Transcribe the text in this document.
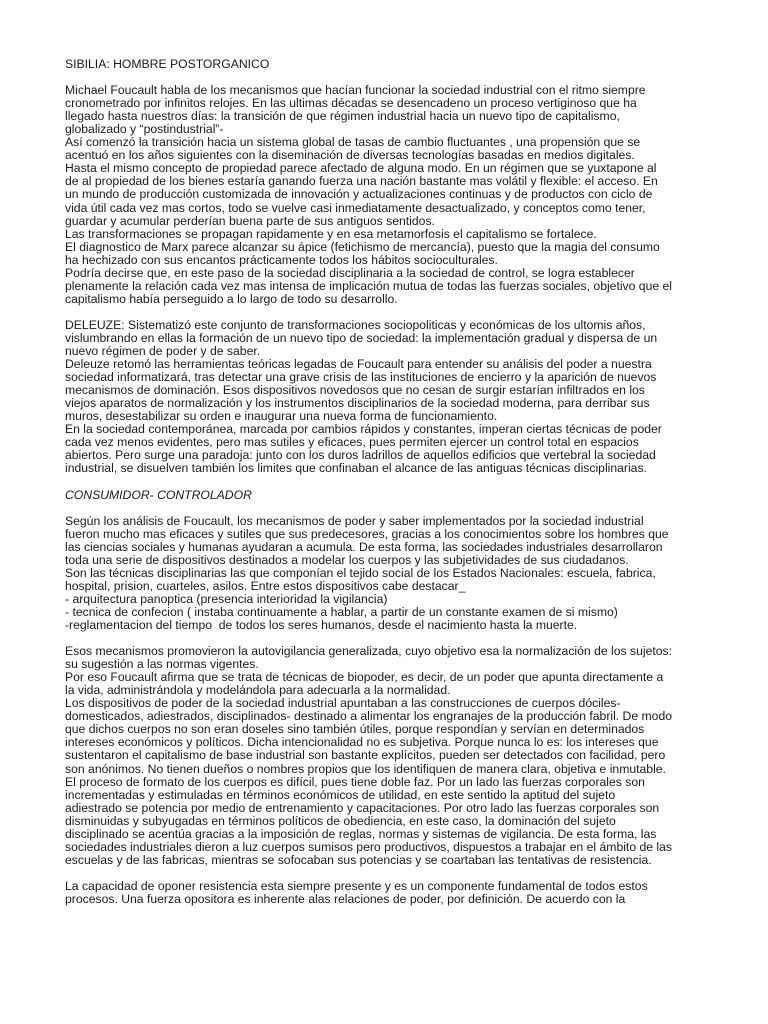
SIBILIA: HOMBRE POSTORGANICO
Michael Foucault habla de los mecanismos que hacían funcionar la sociedad industrial con el ritmo siempre
cronometrado por infinitos relojes. En las ultimas décadas se desencadeno un proceso vertiginoso que ha
llegado hasta nuestros días: la transición de que régimen industrial hacia un nuevo tipo de capitalismo,
globalizado y “postindustrial”-
Así comenzó la transición hacia un sistema global de tasas de cambio fluctuantes , una propensión que se
acentuó en los años siguientes con la diseminación de diversas tecnologías basadas en medios digitales.
Hasta el mismo concepto de propiedad parece afectado de alguna modo. En un régimen que se yuxtapone al
de al propiedad de los bienes estaría ganando fuerza una nación bastante mas volátil y flexible: el acceso. En
un mundo de producción customizada de innovación y actualizaciones continuas y de productos con ciclo de
vida útil cada vez mas cortos, todo se vuelve casi inmediatamente desactualizado, y conceptos como tener,
guardar y acumular perderían buena parte de sus antiguos sentidos.
Las transformaciones se propagan rapidamente y en esa metamorfosis el capitalismo se fortalece.
El diagnostico de Marx parece alcanzar su ápice (fetichismo de mercancía), puesto que la magia del consumo
ha hechizado con sus encantos prácticamente todos los hábitos socioculturales.
Podría decirse que, en este paso de la sociedad disciplinaria a la sociedad de control, se logra establecer
plenamente la relación cada vez mas intensa de implicación mutua de todas las fuerzas sociales, objetivo que el
capitalismo había perseguido a lo largo de todo su desarrollo.
DELEUZE: Sistematizó este conjunto de transformaciones sociopoliticas y económicas de los ultomis años,
vislumbrando en ellas la formación de un nuevo tipo de sociedad: la implementación gradual y dispersa de un
nuevo régimen de poder y de saber.
Deleuze retomó las herramientas teóricas legadas de Foucault para entender su análisis del poder a nuestra
sociedad informatizará, tras detectar una grave crisis de las instituciones de encierro y la aparición de nuevos
mecanismos de dominación. Esos dispositivos novedosos que no cesan de surgir estarían infiltrados en los
viejos aparatos de normalización y los instrumentos disciplinarios de la sociedad moderna, para derribar sus
muros, desestabilizar su orden e inaugurar una nueva forma de funcionamiento.
En la sociedad contemporánea, marcada por cambios rápidos y constantes, imperan ciertas técnicas de poder
cada vez menos evidentes, pero mas sutiles y eficaces, pues permiten ejercer un control total en espacios
abiertos. Pero surge una paradoja: junto con los duros ladrillos de aquellos edificios que vertebral la sociedad
industrial, se disuelven también los limites que confinaban el alcance de las antiguas técnicas disciplinarias.
CONSUMIDOR- CONTROLADOR
Según los análisis de Foucault, los mecanismos de poder y saber implementados por la sociedad industrial
fueron mucho mas eficaces y sutiles que sus predecesores, gracias a los conocimientos sobre los hombres que
las ciencias sociales y humanas ayudaran a acumula. De esta forma, las sociedades industriales desarrollaron
toda una serie de dispositivos destinados a modelar los cuerpos y las subjetividades de sus ciudadanos.
Son las técnicas disciplinarias las que componían el tejido social de los Estados Nacionales: escuela, fabrica,
hospital, prision, cuarteles, asilos. Entre estos dispositivos cabe destacar_
- arquitectura panoptica (presencia interioridad la vigilancia)
- tecnica de confecion ( instaba continuamente a hablar, a partir de un constante examen de si mismo)
-reglamentacion del tiempo  de todos los seres humanos, desde el nacimiento hasta la muerte.
Esos mecanismos promovieron la autovigilancia generalizada, cuyo objetivo esa la normalización de los sujetos:
su sugestión a las normas vigentes.
Por eso Foucault afirma que se trata de técnicas de biopoder, es decir, de un poder que apunta directamente a
la vida, administrándola y modelándola para adecuarla a la normalidad.
Los dispositivos de poder de la sociedad industrial apuntaban a las construcciones de cuerpos dóciles-
domesticados, adiestrados, disciplinados- destinado a alimentar los engranajes de la producción fabril. De modo
que dichos cuerpos no son eran doseles sino también útiles, porque respondían y servían en determinados
intereses económicos y políticos. Dicha intencionalidad no es subjetiva. Porque nunca lo es: los intereses que
sustentaron el capitalismo de base industrial son bastante explícitos, pueden ser detectados con facilidad, pero
son anónimos. No tienen dueños o nombres propios que los identifiquen de manera clara, objetiva e inmutable.
El proceso de formato de los cuerpos es difícil, pues tiene doble faz. Por un lado las fuerzas corporales son
incrementadas y estimuladas en términos económicos de utilidad, en este sentido la aptitud del sujeto
adiestrado se potencia por medio de entrenamiento y capacitaciones. Por otro lado las fuerzas corporales son
disminuidas y subyugadas en términos políticos de obediencia, en este caso, la dominación del sujeto
disciplinado se acentúa gracias a la imposición de reglas, normas y sistemas de vigilancia. De esta forma, las
sociedades industriales dieron a luz cuerpos sumisos pero productivos, dispuestos a trabajar en el ámbito de las
escuelas y de las fabricas, mientras se sofocaban sus potencias y se coartaban las tentativas de resistencia.
La capacidad de oponer resistencia esta siempre presente y es un componente fundamental de todos estos
procesos. Una fuerza opositora es inherente alas relaciones de poder, por definición. De acuerdo con la
